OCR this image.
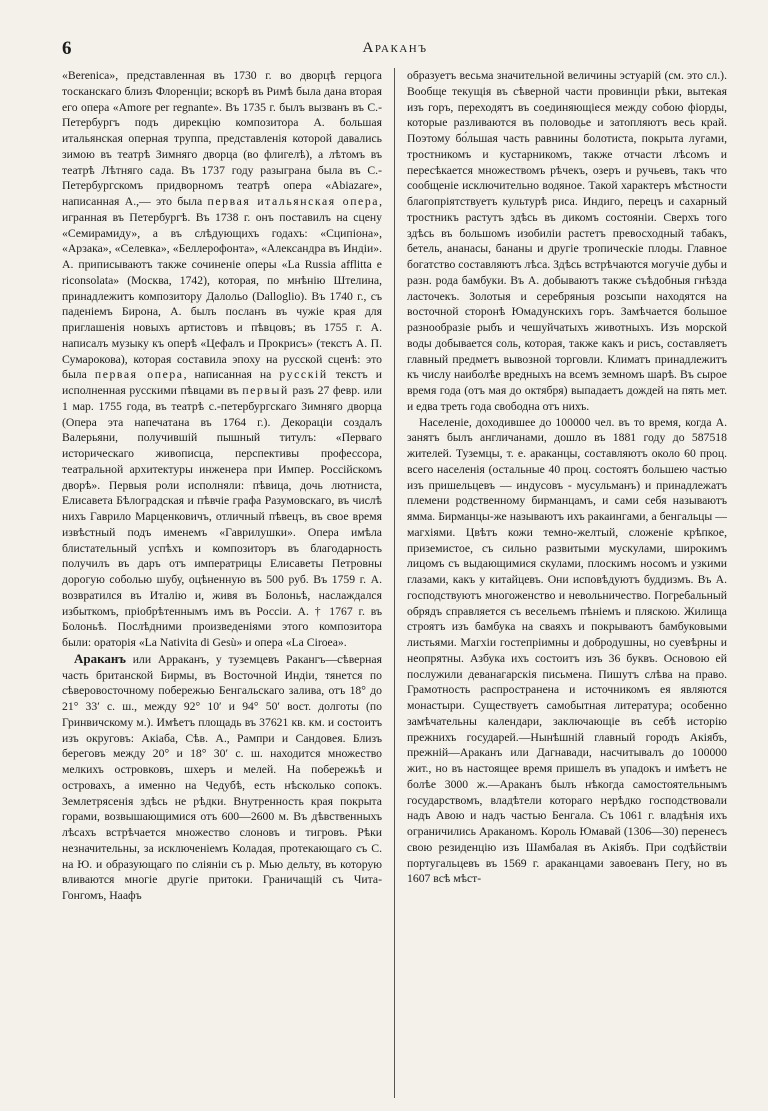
6	Араканъ

«Berenica», представленная въ 1730 г. во дворцѣ герцога тосканскаго близъ Флоренціи; вскорѣ въ Римѣ была дана вторая его опера «Amore per regnante». Въ 1735 г. былъ вызванъ въ С.-Петербургъ подъ дирекцію композитора А. большая итальянская оперная труппа, представленія которой давались зимою въ театрѣ Зимняго дворца (во флигелѣ), а лѣтомъ въ театрѣ Лѣтняго сада. Въ 1737 году разыграна была въ С.-Петербургскомъ придворномъ театрѣ опера «Abiazare», написанная А.,— это была первая итальянская опера, игранная въ Петербургѣ. Въ 1738 г. онъ поставилъ на сцену «Семирамиду», а въ слѣдующихъ годахъ: «Сципіона», «Арзака», «Селевка», «Беллерофонта», «Александра въ Индіи». А. приписываютъ также сочиненіе оперы «La Russia afflitta e riconsolata» (Москва, 1742), которая, по мнѣнію Штелина, принадлежитъ композитору Далольо (Dalloglio). Въ 1740 г., съ паденіемъ Бирона, А. былъ посланъ въ чужіе края для приглашенія новыхъ артистовъ и пѣвцовъ; въ 1755 г. А. написалъ музыку къ оперѣ «Цефалъ и Прокрисъ» (текстъ А. П. Сумарокова), которая составила эпоху на русской сценѣ: это была первая опера, написанная на русскій текстъ и исполненная русскими пѣвцами въ первый разъ 27 февр. или 1 мар. 1755 года, въ театрѣ с.-петербургскаго Зимняго дворца (Опера эта напечатана въ 1764 г.). Декораціи создалъ Валерьяни, получившій пышный титулъ: «Перваго историческаго живописца, перспективы профессора, театральной архитектуры инженера при Импер. Россійскомъ дворѣ». Первыя роли исполняли: пѣвица, дочь лютниста, Елисавета Бѣлоградская и пѣвчіе графа Разумовскаго, въ числѣ нихъ Гаврило Марценковичъ, отличный пѣвецъ, въ свое время извѣстный подъ именемъ «Гаврилушки». Опера имѣла блистательный успѣхъ и композиторъ въ благодарность получилъ въ даръ отъ императрицы Елисаветы Петровны дорогую соболью шубу, оцѣненную въ 500 руб. Въ 1759 г. А. возвратился въ Италію и, живя въ Болоньѣ, наслаждался избыткомъ, пріобрѣтеннымъ имъ въ Россіи. А. † 1767 г. въ Болоньѣ. Послѣдними произведеніями этого композитора были: ораторія «La Nativita di Gesù» и опера «La Ciroea».

Араканъ или Арраканъ, у туземцевъ Ракангъ—сѣверная часть британской Бирмы, въ Восточной Индіи, тянется по сѣверовосточному побережью Бенгальскаго залива, отъ 18° до 21° 33′ с. ш., между 92° 10′ и 94° 50′ вост. долготы (по Гринвичскому м.). Имѣетъ площадь въ 37621 кв. км. и состоитъ изъ округовъ: Акіаба, Сѣв. А., Рампри и Сандовея. Близъ береговъ между 20° и 18° 30′ с. ш. находится множество мелкихъ островковъ, шхеръ и мелей. На побережьѣ и островахъ, а именно на Чедубѣ, есть нѣсколько сопокъ. Землетрясенія здѣсь не рѣдки. Внутренность края покрыта горами, возвышающимися отъ 600—2600 м. Въ дѣвственныхъ лѣсахъ встрѣчается множество слоновъ и тигровъ. Рѣки незначительны, за исключеніемъ Коладая, протекающаго съ С. на Ю. и образующаго по сліяніи съ р. Мью дельту, въ которую вливаются многіе другіе притоки. Граничащій съ Чита-Гонгомъ, Наафъ

образуетъ весьма значительной величины эстуарій (см. это сл.). Вообще текущія въ сѣверной части провинціи рѣки, вытекая изъ горъ, переходятъ въ соединяющіеся между собою фіорды, которые разливаются въ половодье и затопляютъ весь край. Поэтому бо́льшая часть равнины болотиста, покрыта лугами, тростникомъ и кустарникомъ, также отчасти лѣсомъ и пересѣкается множествомъ рѣчекъ, озеръ и ручьевъ, такъ что сообщеніе исключительно водяное. Такой характеръ мѣстности благопріятствуетъ культурѣ риса. Индиго, перецъ и сахарный тростникъ растутъ здѣсь въ дикомъ состояніи. Сверхъ того здѣсь въ большомъ изобиліи растетъ превосходный табакъ, бетель, ананасы, бананы и другіе тропическіе плоды. Главное богатство составляютъ лѣса. Здѣсь встрѣчаются могучіе дубы и разн. рода бамбуки. Въ А. добываютъ также съѣдобныя гнѣзда ласточекъ. Золотыя и серебряныя розсыпи находятся на восточной сторонѣ Юмадунскихъ горъ. Замѣчается большое разнообразіе рыбъ и чешуйчатыхъ животныхъ. Изъ морской воды добывается соль, которая, также какъ и рисъ, составляетъ главный предметъ вывозной торговли. Климатъ принадлежитъ къ числу наиболѣе вредныхъ на всемъ земномъ шарѣ. Въ сырое время года (отъ мая до октября) выпадаетъ дождей на пять мет. и едва треть года свободна отъ нихъ.

Населеніе, доходившее до 100000 чел. въ то время, когда А. занятъ былъ англичанами, дошло въ 1881 году до 587518 жителей. Туземцы, т. е. араканцы, составляютъ около 60 проц. всего населенія (остальные 40 проц. состоятъ большею частью изъ пришельцевъ — индусовъ - мусульманъ) и принадлежатъ племени родственному бирманцамъ, и сами себя называютъ ямма. Бирманцы-же называютъ ихъ ракаингами, а бенгальцы — магхіями. Цвѣтъ кожи темно-желтый, сложеніе крѣпкое, приземистое, съ сильно развитыми мускулами, широкимъ лицомъ съ выдающимися скулами, плоскимъ носомъ и узкими глазами, какъ у китайцевъ. Они исповѣдуютъ буддизмъ. Въ А. господствуютъ многоженство и невольничество. Погребальный обрядъ справляется съ весельемъ пѣніемъ и пляскою. Жилища строятъ изъ бамбука на сваяхъ и покрываютъ бамбуковыми листьями. Магхіи гостепріимны и добродушны, но суевѣрны и неопрятны. Азбука ихъ состоитъ изъ 36 буквъ. Основою ей послужили деванагарскія письмена. Пишутъ слѣва на право. Грамотность распространена и источникомъ ея являются монастыри. Существуетъ самобытная литература; особенно замѣчательны календари, заключающіе въ себѣ исторію прежнихъ государей.—Нынѣшній главный городъ Акіябъ, прежній—Араканъ или Дагнавади, насчитывалъ до 100000 жит., но въ настоящее время пришелъ въ упадокъ и имѣетъ не болѣе 3000 ж.—Араканъ былъ нѣкогда самостоятельнымъ государствомъ, владѣтели котораго нерѣдко господствовали надъ Авою и надъ частью Бенгала. Съ 1061 г. владѣнія ихъ ограничились Араканомъ. Король Юмавай (1306—30) перенесъ свою резиденцію изъ Шамбалая въ Акіябъ. При содѣйствіи португальцевъ въ 1569 г. араканцами завоеванъ Пегу, но въ 1607 всѣ мѣст-
